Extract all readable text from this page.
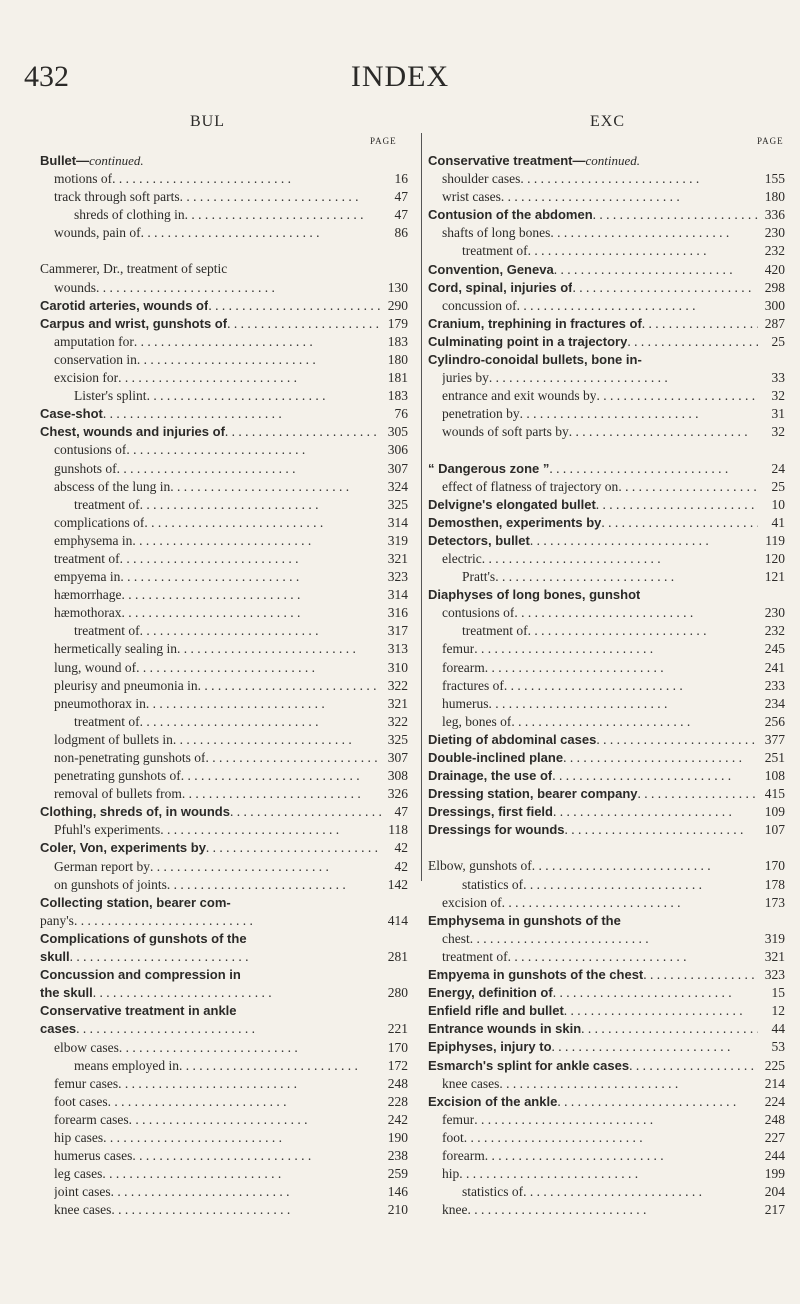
432	INDEX
BUL	EXC
PAGE	PAGE
Bullet—continued.
motions of . .	16
track through soft parts . .	47
shreds of clothing in . .	47
wounds, pain of . .	86
Cammerer, Dr., treatment of septic
wounds . .	130
Carotid arteries, wounds of . .	290
Carpus and wrist, gunshots of . .	179
amputation for . .	183
conservation in . .	180
excision for . .	181
Lister's splint . .	183
Case-shot . .	76
Chest, wounds and injuries of . .	305
contusions of . .	306
gunshots of . .	307
abscess of the lung in . .	324
treatment of . .	325
complications of . .	314
emphysema in . .	319
treatment of . .	321
empyema in . .	323
hæmorrhage . .	314
hæmothorax . .	316
treatment of . .	317
hermetically sealing in . .	313
lung, wound of . .	310
pleurisy and pneumonia in . .	322
pneumothorax in . .	321
treatment of . .	322
lodgment of bullets in . .	325
non-penetrating gunshots of . .	307
penetrating gunshots of . .	308
removal of bullets from . .	326
Clothing, shreds of, in wounds . .	47
Pfuhl's experiments . .	118
Coler, Von, experiments by . .	42
German report by . .	42
on gunshots of joints . .	142
Collecting station, bearer com-
pany's . .	414
Complications of gunshots of the
skull . .	281
Concussion and compression in
the skull . .	280
Conservative treatment in ankle
cases . .	221
elbow cases . .	170
means employed in . .	172
femur cases . .	248
foot cases . .	228
forearm cases . .	242
hip cases . .	190
humerus cases . .	238
leg cases . .	259
joint cases . .	146
knee cases . .	210
Conservative treatment—continued.
shoulder cases . .	155
wrist cases . .	180
Contusion of the abdomen . .	336
shafts of long bones . .	230
treatment of . .	232
Convention, Geneva . .	420
Cord, spinal, injuries of . .	298
concussion of . .	300
Cranium, trephining in fractures of . .	287
Culminating point in a trajectory . .	25
Cylindro-conoidal bullets, bone in-
juries by . .	33
entrance and exit wounds by . .	32
penetration by . .	31
wounds of soft parts by . .	32
“ Dangerous zone ” . .	24
effect of flatness of trajectory on . .	25
Delvigne's elongated bullet . .	10
Demosthen, experiments by . .	41
Detectors, bullet . .	119
electric . .	120
Pratt's . .	121
Diaphyses of long bones, gunshot
contusions of . .	230
treatment of . .	232
femur . .	245
forearm . .	241
fractures of . .	233
humerus . .	234
leg, bones of . .	256
Dieting of abdominal cases . .	377
Double-inclined plane . .	251
Drainage, the use of . .	108
Dressing station, bearer company . .	415
Dressings, first field . .	109
Dressings for wounds . .	107
Elbow, gunshots of . .	170
statistics of . .	178
excision of . .	173
Emphysema in gunshots of the
chest . .	319
treatment of . .	321
Empyema in gunshots of the chest . .	323
Energy, definition of . .	15
Enfield rifle and bullet . .	12
Entrance wounds in skin . .	44
Epiphyses, injury to . .	53
Esmarch's splint for ankle cases . .	225
knee cases . .	214
Excision of the ankle . .	224
femur . .	248
foot . .	227
forearm . .	244
hip . .	199
statistics of . .	204
knee . .	217
